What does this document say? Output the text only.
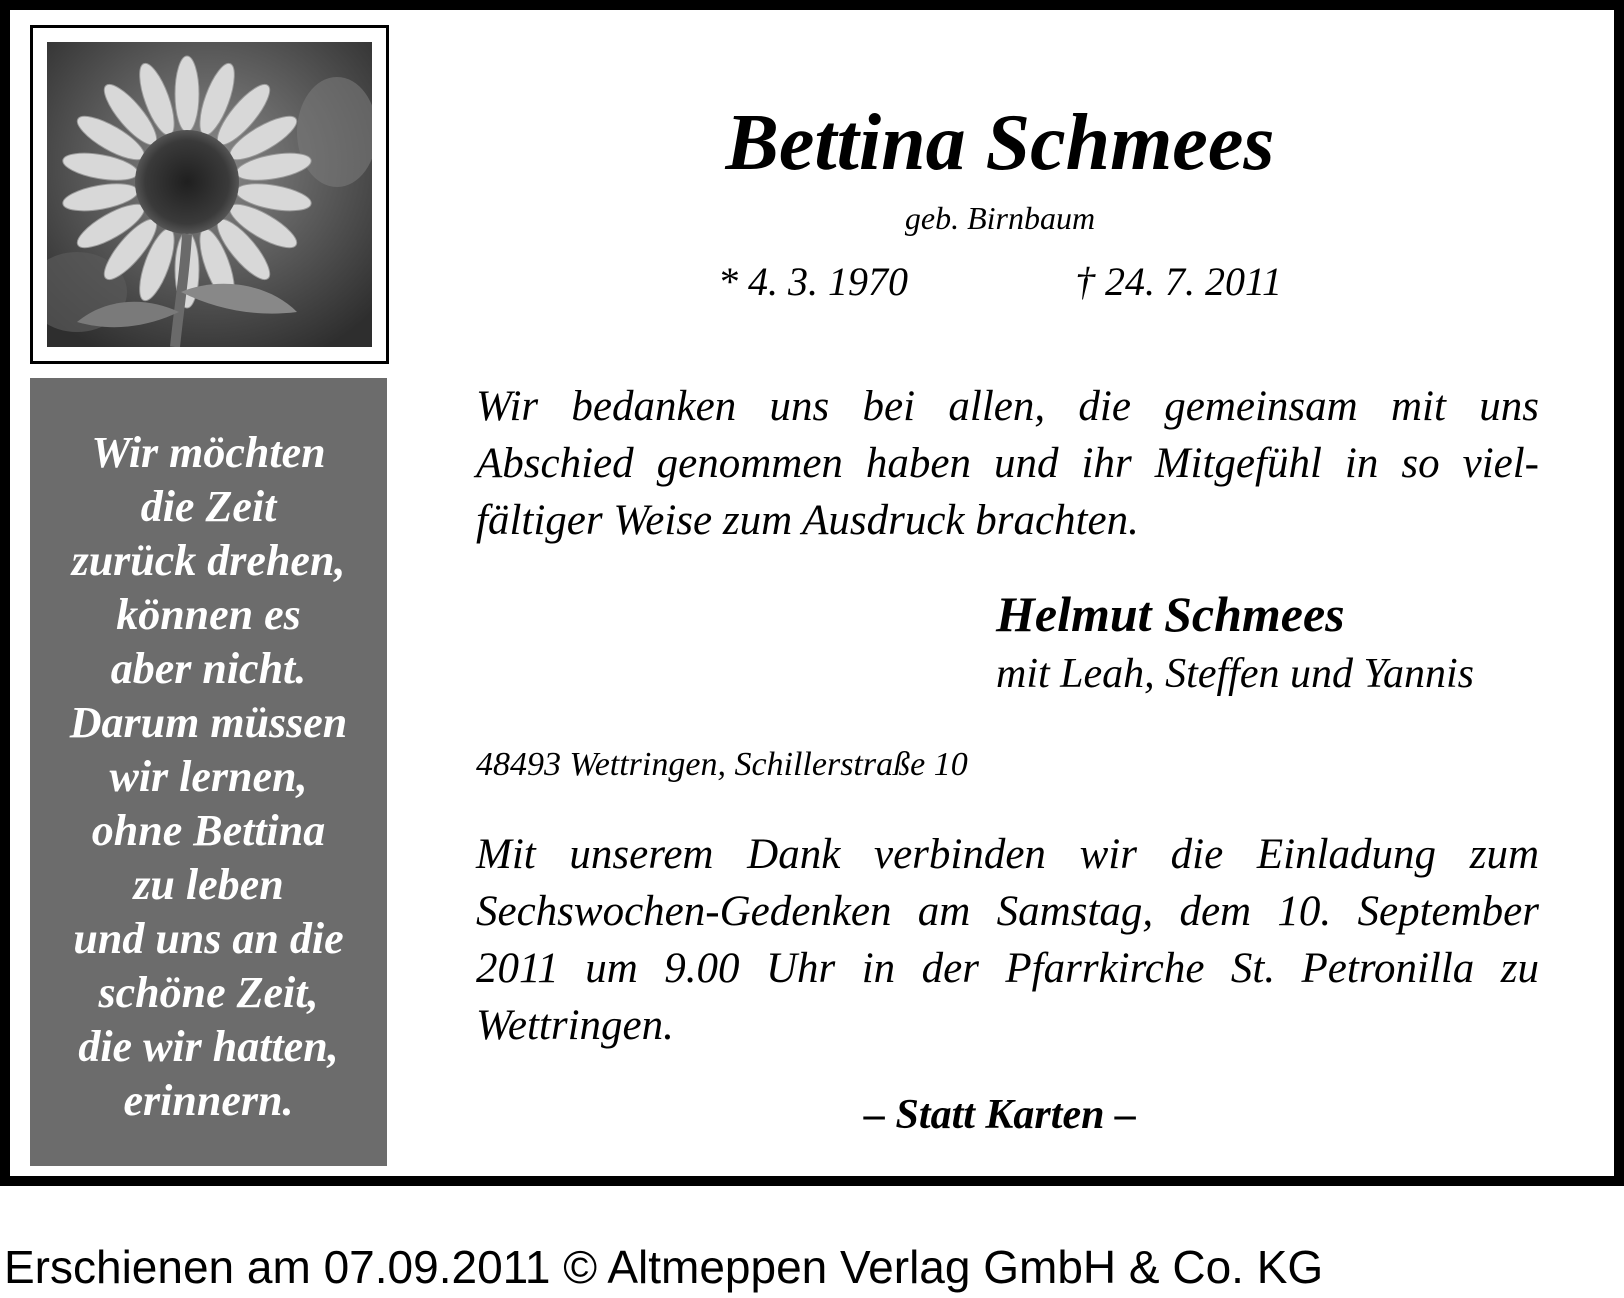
Wir möchten
die Zeit
zurück drehen,
können es
aber nicht.
Darum müssen
wir lernen,
ohne Bettina
zu leben
und uns an die
schöne Zeit,
die wir hatten,
erinnern.
Bettina Schmees
geb. Birnbaum
* 4. 3. 1970	† 24. 7. 2011
Wir bedanken uns bei allen, die gemeinsam mit uns
Abschied genommen haben und ihr Mitgefühl in so viel-
fältiger Weise zum Ausdruck brachten.
Helmut Schmees
mit Leah, Steffen und Yannis
48493 Wettringen, Schillerstraße 10
Mit unserem Dank verbinden wir die Einladung zum
Sechswochen-Gedenken am Samstag, dem 10. September
2011 um 9.00 Uhr in der Pfarrkirche St. Petronilla zu
Wettringen.
– Statt Karten –
Erschienen am 07.09.2011 © Altmeppen Verlag GmbH & Co. KG
